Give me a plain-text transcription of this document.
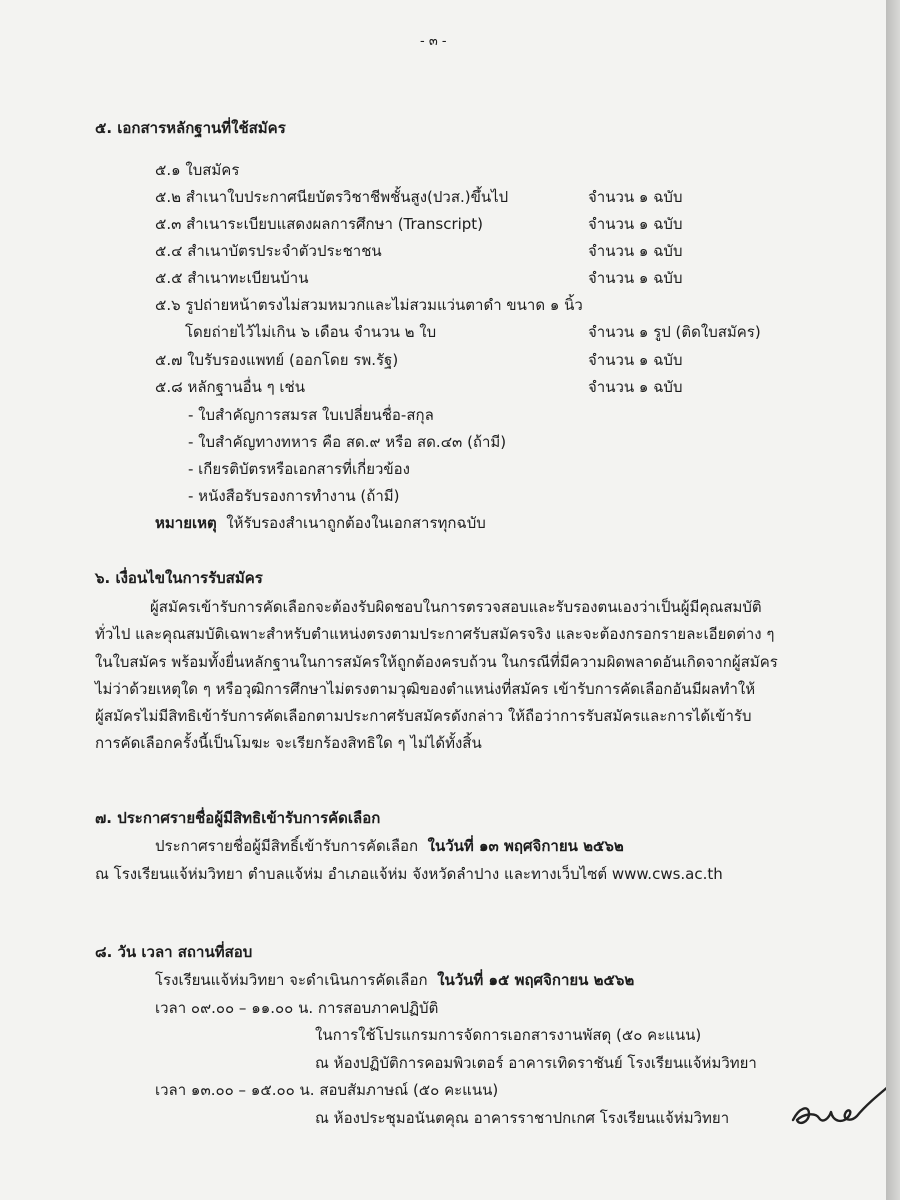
- ๓ -
๕. เอกสารหลักฐานที่ใช้สมัคร
๕.๑ ใบสมัคร
๕.๒ สำเนาใบประกาศนียบัตรวิชาชีพชั้นสูง(ปวส.)ขึ้นไป	จำนวน ๑ ฉบับ
๕.๓ สำเนาระเบียบแสดงผลการศึกษา (Transcript)	จำนวน ๑ ฉบับ
๕.๔ สำเนาบัตรประจำตัวประชาชน	จำนวน ๑ ฉบับ
๕.๕ สำเนาทะเบียนบ้าน	จำนวน ๑ ฉบับ
๕.๖ รูปถ่ายหน้าตรงไม่สวมหมวกและไม่สวมแว่นตาดำ ขนาด ๑ นิ้ว
โดยถ่ายไว้ไม่เกิน ๖ เดือน จำนวน ๒ ใบ	จำนวน ๑ รูป (ติดใบสมัคร)
๕.๗ ใบรับรองแพทย์ (ออกโดย รพ.รัฐ)	จำนวน ๑ ฉบับ
๕.๘ หลักฐานอื่น ๆ เช่น	จำนวน ๑ ฉบับ
- ใบสำคัญการสมรส ใบเปลี่ยนชื่อ-สกุล
- ใบสำคัญทางทหาร คือ สด.๙ หรือ สด.๔๓ (ถ้ามี)
- เกียรติบัตรหรือเอกสารที่เกี่ยวข้อง
- หนังสือรับรองการทำงาน (ถ้ามี)
หมายเหตุ ให้รับรองสำเนาถูกต้องในเอกสารทุกฉบับ
๖. เงื่อนไขในการรับสมัคร
ผู้สมัครเข้ารับการคัดเลือกจะต้องรับผิดชอบในการตรวจสอบและรับรองตนเองว่าเป็นผู้มีคุณสมบัติ
ทั่วไป และคุณสมบัติเฉพาะสำหรับตำแหน่งตรงตามประกาศรับสมัครจริง และจะต้องกรอกรายละเอียดต่าง ๆ
ในใบสมัคร พร้อมทั้งยื่นหลักฐานในการสมัครให้ถูกต้องครบถ้วน ในกรณีที่มีความผิดพลาดอันเกิดจากผู้สมัคร
ไม่ว่าด้วยเหตุใด ๆ หรือวุฒิการศึกษาไม่ตรงตามวุฒิของตำแหน่งที่สมัคร เข้ารับการคัดเลือกอันมีผลทำให้
ผู้สมัครไม่มีสิทธิเข้ารับการคัดเลือกตามประกาศรับสมัครดังกล่าว ให้ถือว่าการรับสมัครและการได้เข้ารับ
การคัดเลือกครั้งนี้เป็นโมฆะ จะเรียกร้องสิทธิใด ๆ ไม่ได้ทั้งสิ้น
๗. ประกาศรายชื่อผู้มีสิทธิเข้ารับการคัดเลือก
ประกาศรายชื่อผู้มีสิทธิ์เข้ารับการคัดเลือก ในวันที่ ๑๓ พฤศจิกายน ๒๕๖๒
ณ โรงเรียนแจ้ห่มวิทยา ตำบลแจ้ห่ม อำเภอแจ้ห่ม จังหวัดลำปาง และทางเว็บไซต์ www.cws.ac.th
๘. วัน เวลา สถานที่สอบ
โรงเรียนแจ้ห่มวิทยา จะดำเนินการคัดเลือก ในวันที่ ๑๕ พฤศจิกายน ๒๕๖๒
เวลา ๐๙.๐๐ – ๑๑.๐๐ น. การสอบภาคปฏิบัติ
ในการใช้โปรแกรมการจัดการเอกสารงานพัสดุ (๕๐ คะแนน)
ณ ห้องปฏิบัติการคอมพิวเตอร์ อาคารเทิดราชันย์ โรงเรียนแจ้ห่มวิทยา
เวลา ๑๓.๐๐ – ๑๕.๐๐ น. สอบสัมภาษณ์ (๕๐ คะแนน)
ณ ห้องประชุมอนันตคุณ อาคารราชาปกเกศ โรงเรียนแจ้ห่มวิทยา
